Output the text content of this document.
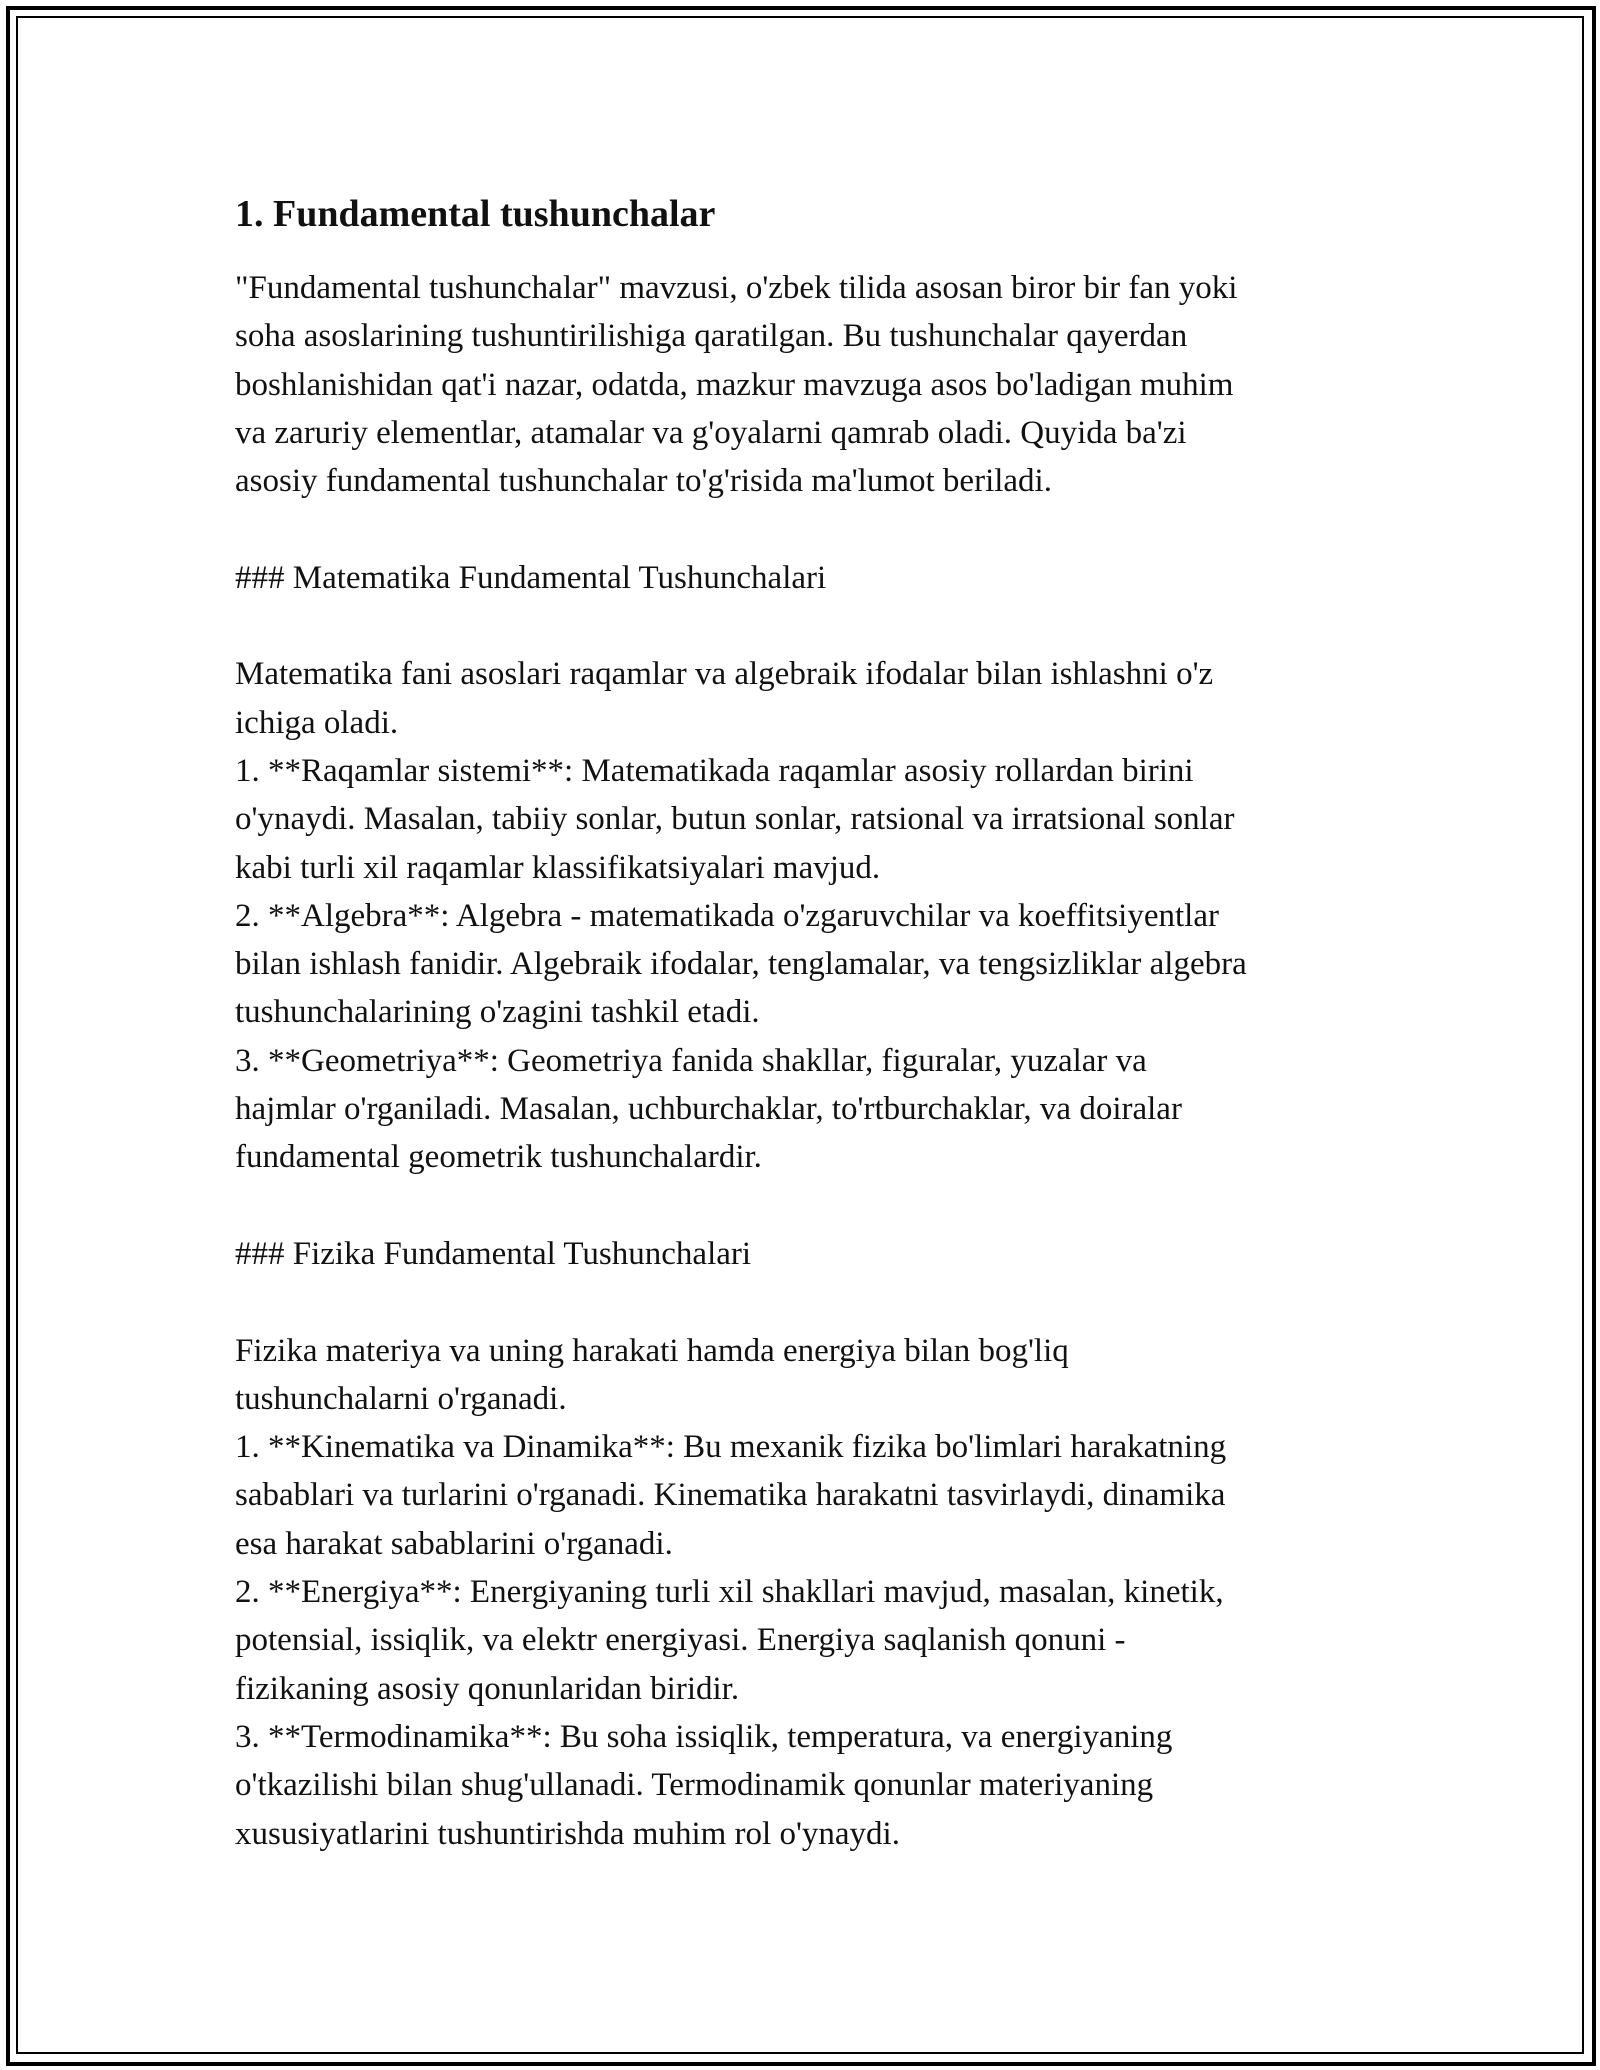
1. Fundamental tushunchalar

"Fundamental tushunchalar" mavzusi, o'zbek tilida asosan biror bir fan yoki

soha asoslarining tushuntirilishiga qaratilgan. Bu tushunchalar qayerdan

boshlanishidan qat'i nazar, odatda, mazkur mavzuga asos bo'ladigan muhim

va zaruriy elementlar, atamalar va g'oyalarni qamrab oladi. Quyida ba'zi

asosiy fundamental tushunchalar to'g'risida ma'lumot beriladi.

### Matematika Fundamental Tushunchalari

Matematika fani asoslari raqamlar va algebraik ifodalar bilan ishlashni o'z

ichiga oladi.

1. **Raqamlar sistemi**: Matematikada raqamlar asosiy rollardan birini

o'ynaydi. Masalan, tabiiy sonlar, butun sonlar, ratsional va irratsional sonlar

kabi turli xil raqamlar klassifikatsiyalari mavjud.

2. **Algebra**: Algebra - matematikada o'zgaruvchilar va koeffitsiyentlar

bilan ishlash fanidir. Algebraik ifodalar, tenglamalar, va tengsizliklar algebra

tushunchalarining o'zagini tashkil etadi.

3. **Geometriya**: Geometriya fanida shakllar, figuralar, yuzalar va

hajmlar o'rganiladi. Masalan, uchburchaklar, to'rtburchaklar, va doiralar

fundamental geometrik tushunchalardir.

### Fizika Fundamental Tushunchalari

Fizika materiya va uning harakati hamda energiya bilan bog'liq

tushunchalarni o'rganadi.

1. **Kinematika va Dinamika**: Bu mexanik fizika bo'limlari harakatning

sabablari va turlarini o'rganadi. Kinematika harakatni tasvirlaydi, dinamika

esa harakat sabablarini o'rganadi.

2. **Energiya**: Energiyaning turli xil shakllari mavjud, masalan, kinetik,

potensial, issiqlik, va elektr energiyasi. Energiya saqlanish qonuni -

fizikaning asosiy qonunlaridan biridir.

3. **Termodinamika**: Bu soha issiqlik, temperatura, va energiyaning

o'tkazilishi bilan shug'ullanadi. Termodinamik qonunlar materiyaning

xususiyatlarini tushuntirishda muhim rol o'ynaydi.
